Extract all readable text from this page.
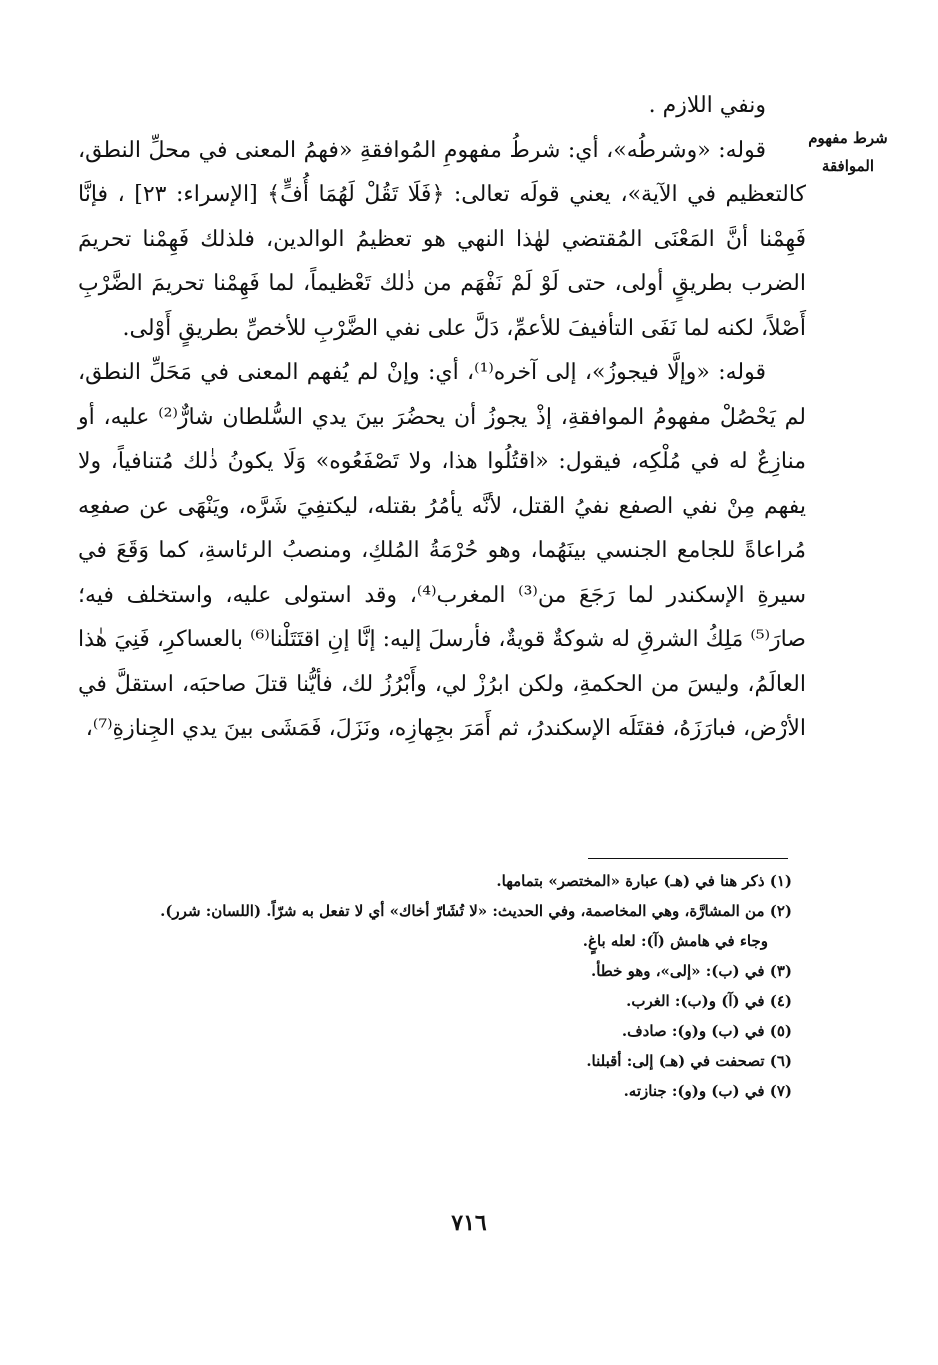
شرط مفهوم الموافقة

ونفي اللازم .

قوله: «وشرطُه»، أي: شرطُ مفهومِ المُوافقةِ «فهمُ المعنى في محلِّ النطق، كالتعظيم في الآية»، يعني قولَه تعالى: ﴿فَلَا تَقُلْ لَهُمَا أُفٍّ﴾ [الإسراء: ٢٣] ، فإنَّا فَهِمْنا أنَّ المَعْنَى المُقتضي لهٰذا النهي هو تعظيمُ الوالدين، فلذلك فَهِمْنا تحريمَ الضرب بطريقٍ أولى، حتى لَوْ لَمْ نَفْهَم من ذٰلك تَعْظيماً، لما فَهِمْنا تحريمَ الضَّرْبِ أَصْلاً، لكنه لما نَفَى التأفيفَ للأعمِّ، دَلَّ على نفي الضَّرْبِ للأخصِّ بطريقٍ أَوْلى.

قوله: «وإلَّا فيجوزُ»، إلى آخره⁽¹⁾، أي: وإنْ لم يُفهم المعنى في مَحَلِّ النطق، لم يَحْصُلْ مفهومُ الموافقةِ، إذْ يجوزُ أن يحضُرَ بينَ يدي السُّلطان شارٌّ⁽²⁾ عليه، أو منازِعٌ له في مُلْكِه، فيقول: «اقتُلُوا هذا، ولا تَصْفَعُوه» وَلَا يكونُ ذٰلك مُتنافياً، ولا يفهم مِنْ نفي الصفع نفيُ القتل، لأنَّه يأمُرُ بقتله، ليكتفِيَ شَرَّه، ويَنْهَى عن صفعِه مُراعاةً للجامع الجنسي بينَهُما، وهو حُرْمَةُ المُلكِ، ومنصبُ الرئاسةِ، كما وَقَعَ في سيرةِ الإسكندر لما رَجَعَ من⁽³⁾ المغرب⁽⁴⁾، وقد استولى عليه، واستخلف فيه؛ صارَ⁽⁵⁾ مَلِكُ الشرقِ له شوكةٌ قويةٌ، فأرسلَ إليه: إنَّا إنِ اقتَتَلْنا⁽⁶⁾ بالعساكرِ، فَنِيَ هٰذا العالَمُ، وليسَ من الحكمةِ، ولكن ابرُزْ لي، وأَبْرُزُ لك، فأيُّنا قتلَ صاحبَه، استقلَّ في الأرْض، فبارَزَهُ، فقتَلَه الإسكندرُ، ثم أَمَرَ بجِهازِه، ونَزَلَ، فَمَشَى بينَ يدي الجِنازةِ⁽⁷⁾،

(١) ذكر هنا في (هـ) عبارة «المختصر» بتمامها.
(٢) من المشارَّة، وهي المخاصمة، وفي الحديث: «لا تُشَارّ أخاك» أي لا تفعل به شرّاً. (اللسان: شرر).
وجاء في هامش (آ): لعله باغٍ.
(٣) في (ب): «إلى»، وهو خطأ.
(٤) في (آ) و(ب): الغرب.
(٥) في (ب) و(و): صادف.
(٦) تصحفت في (هـ) إلى: أقبلنا.
(٧) في (ب) و(و): جنازته.
٧١٦
